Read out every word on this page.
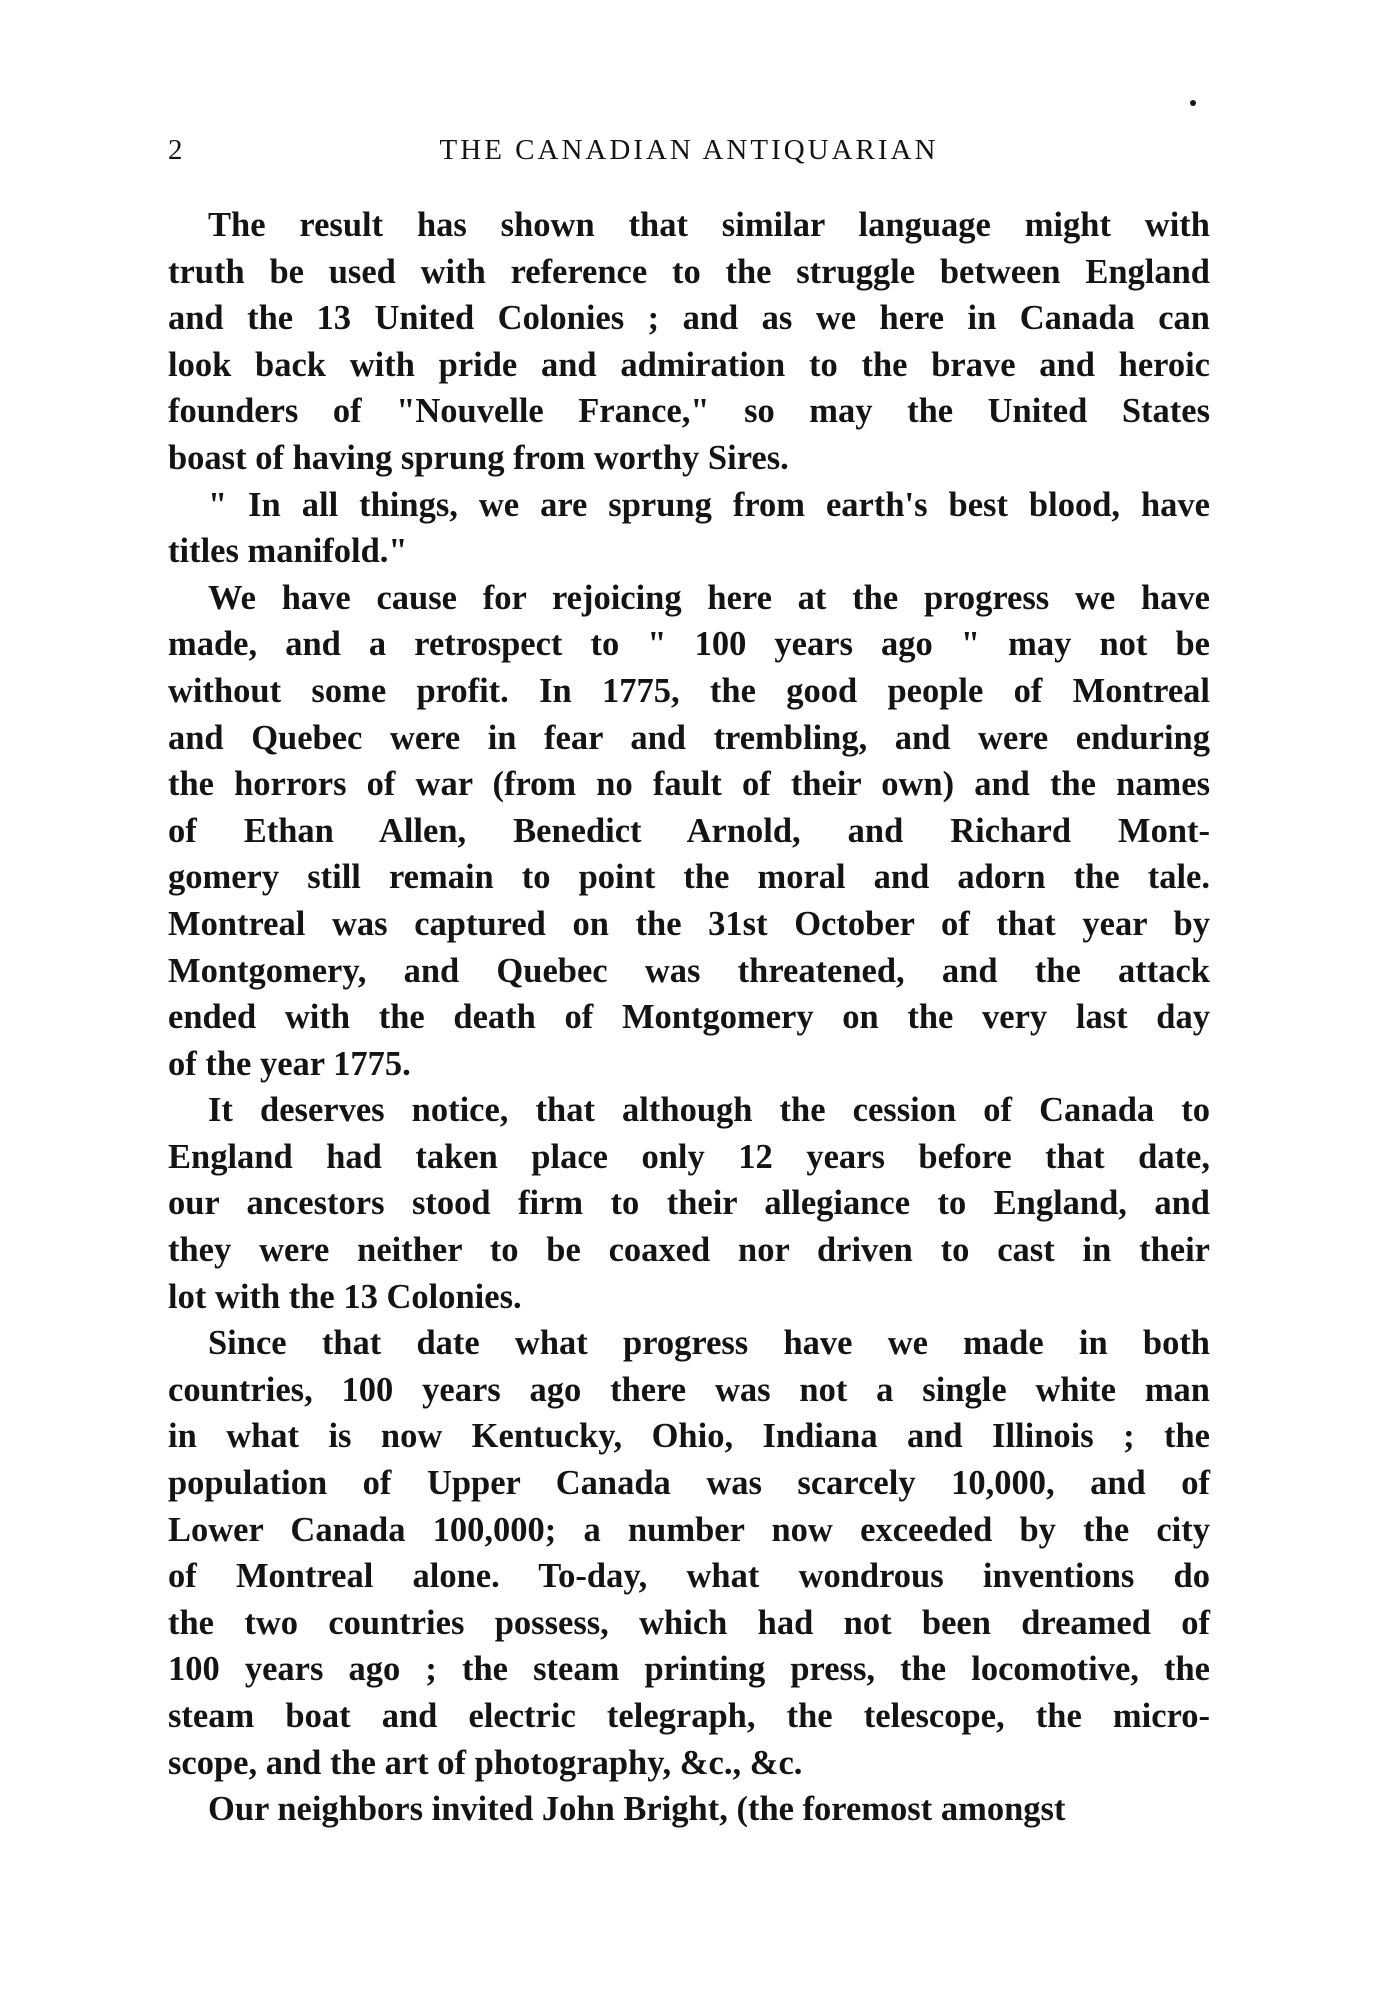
2	THE CANADIAN ANTIQUARIAN
The result has shown that similar language might with
truth be used with reference to the struggle between England
and the 13 United Colonies ; and as we here in Canada can
look back with pride and admiration to the brave and heroic
founders of "Nouvelle France," so may the United States
boast of having sprung from worthy Sires.
" In all things, we are sprung from earth's best blood, have
titles manifold."
We have cause for rejoicing here at the progress we have
made, and a retrospect to " 100 years ago " may not be
without some profit. In 1775, the good people of Montreal
and Quebec were in fear and trembling, and were enduring
the horrors of war (from no fault of their own) and the names
of Ethan Allen, Benedict Arnold, and Richard Mont-
gomery still remain to point the moral and adorn the tale.
Montreal was captured on the 31st October of that year by
Montgomery, and Quebec was threatened, and the attack
ended with the death of Montgomery on the very last day
of the year 1775.
It deserves notice, that although the cession of Canada to
England had taken place only 12 years before that date,
our ancestors stood firm to their allegiance to England, and
they were neither to be coaxed nor driven to cast in their
lot with the 13 Colonies.
Since that date what progress have we made in both
countries, 100 years ago there was not a single white man
in what is now Kentucky, Ohio, Indiana and Illinois ; the
population of Upper Canada was scarcely 10,000, and of
Lower Canada 100,000; a number now exceeded by the city
of Montreal alone. To-day, what wondrous inventions do
the two countries possess, which had not been dreamed of
100 years ago ; the steam printing press, the locomotive, the
steam boat and electric telegraph, the telescope, the micro-
scope, and the art of photography, &c., &c.
Our neighbors invited John Bright, (the foremost amongst
